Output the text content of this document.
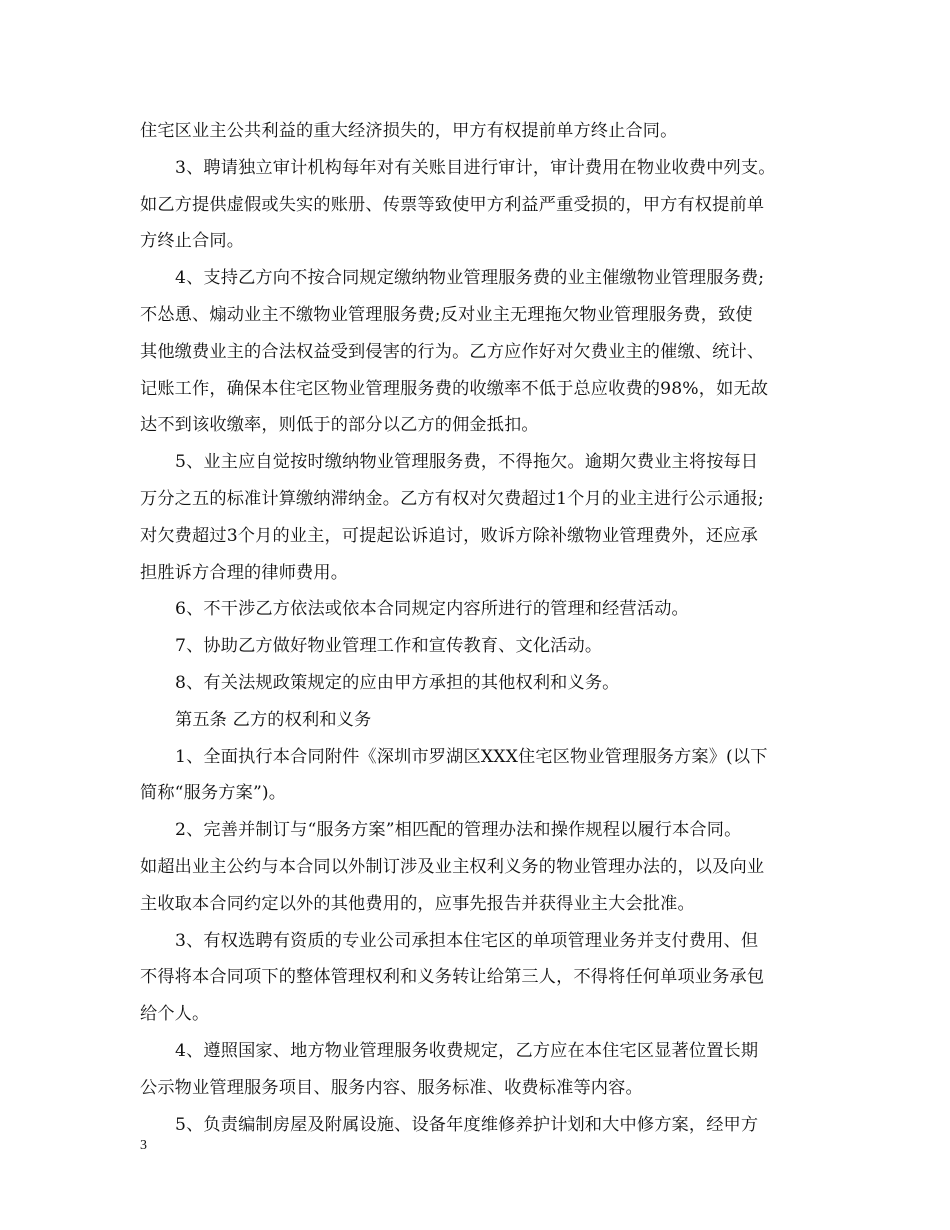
住宅区业主公共利益的重大经济损失的，甲方有权提前单方终止合同。
3、聘请独立审计机构每年对有关账目进行审计，审计费用在物业收费中列支。
如乙方提供虚假或失实的账册、传票等致使甲方利益严重受损的，甲方有权提前单
方终止合同。
4、支持乙方向不按合同规定缴纳物业管理服务费的业主催缴物业管理服务费;
不怂恿、煽动业主不缴物业管理服务费;反对业主无理拖欠物业管理服务费，致使
其他缴费业主的合法权益受到侵害的行为。乙方应作好对欠费业主的催缴、统计、
记账工作，确保本住宅区物业管理服务费的收缴率不低于总应收费的98%，如无故
达不到该收缴率，则低于的部分以乙方的佣金抵扣。
5、业主应自觉按时缴纳物业管理服务费，不得拖欠。逾期欠费业主将按每日
万分之五的标准计算缴纳滞纳金。乙方有权对欠费超过1个月的业主进行公示通报;
对欠费超过3个月的业主，可提起讼诉追讨，败诉方除补缴物业管理费外，还应承
担胜诉方合理的律师费用。
6、不干涉乙方依法或依本合同规定内容所进行的管理和经营活动。
7、协助乙方做好物业管理工作和宣传教育、文化活动。
8、有关法规政策规定的应由甲方承担的其他权利和义务。
第五条 乙方的权利和义务
1、全面执行本合同附件《深圳市罗湖区XXX住宅区物业管理服务方案》(以下
简称“服务方案”)。
2、完善并制订与“服务方案”相匹配的管理办法和操作规程以履行本合同。
如超出业主公约与本合同以外制订涉及业主权利义务的物业管理办法的，以及向业
主收取本合同约定以外的其他费用的，应事先报告并获得业主大会批准。
3、有权选聘有资质的专业公司承担本住宅区的单项管理业务并支付费用、但
不得将本合同项下的整体管理权利和义务转让给第三人，不得将任何单项业务承包
给个人。
4、遵照国家、地方物业管理服务收费规定，乙方应在本住宅区显著位置长期
公示物业管理服务项目、服务内容、服务标准、收费标准等内容。
5、负责编制房屋及附属设施、设备年度维修养护计划和大中修方案，经甲方
3
